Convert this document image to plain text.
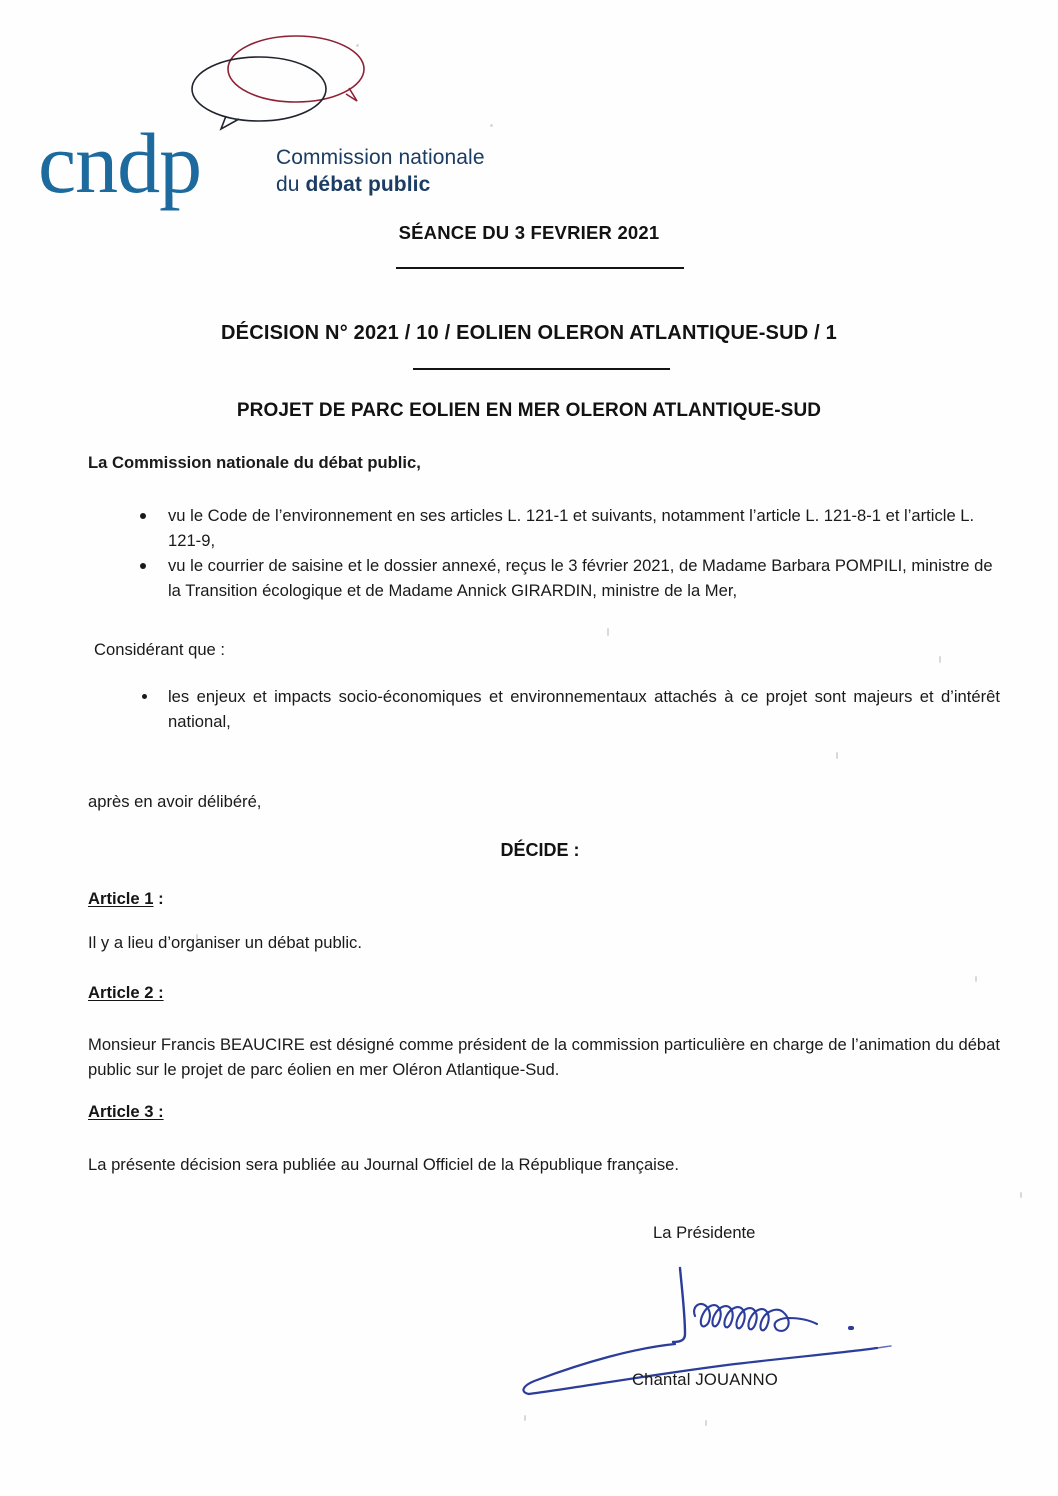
cndp	Commission nationale
du débat public
SÉANCE DU 3 FEVRIER 2021
DÉCISION N° 2021 / 10 / EOLIEN OLERON ATLANTIQUE-SUD / 1
PROJET DE PARC EOLIEN EN MER OLERON ATLANTIQUE-SUD

La Commission nationale du débat public,

vu le Code de l’environnement en ses articles L. 121-1 et suivants, notamment l’article L. 121-8-1 et l’article L. 121-9,
vu le courrier de saisine et le dossier annexé, reçus le 3 février 2021, de Madame Barbara POMPILI, ministre de la Transition écologique et de Madame Annick GIRARDIN, ministre de la Mer,

Considérant que :

les enjeux et impacts socio-économiques et environnementaux attachés à ce projet sont majeurs et d’intérêt national,
après en avoir délibéré,
DÉCIDE :
Article 1 :
Il y a lieu d’organiser un débat public.
Article 2 :
Monsieur Francis BEAUCIRE est désigné comme président de la commission particulière en charge de l’animation du débat public sur le projet de parc éolien en mer Oléron Atlantique-Sud.
Article 3 :
La présente décision sera publiée au Journal Officiel de la République française.
La Présidente
Chantal JOUANNO
